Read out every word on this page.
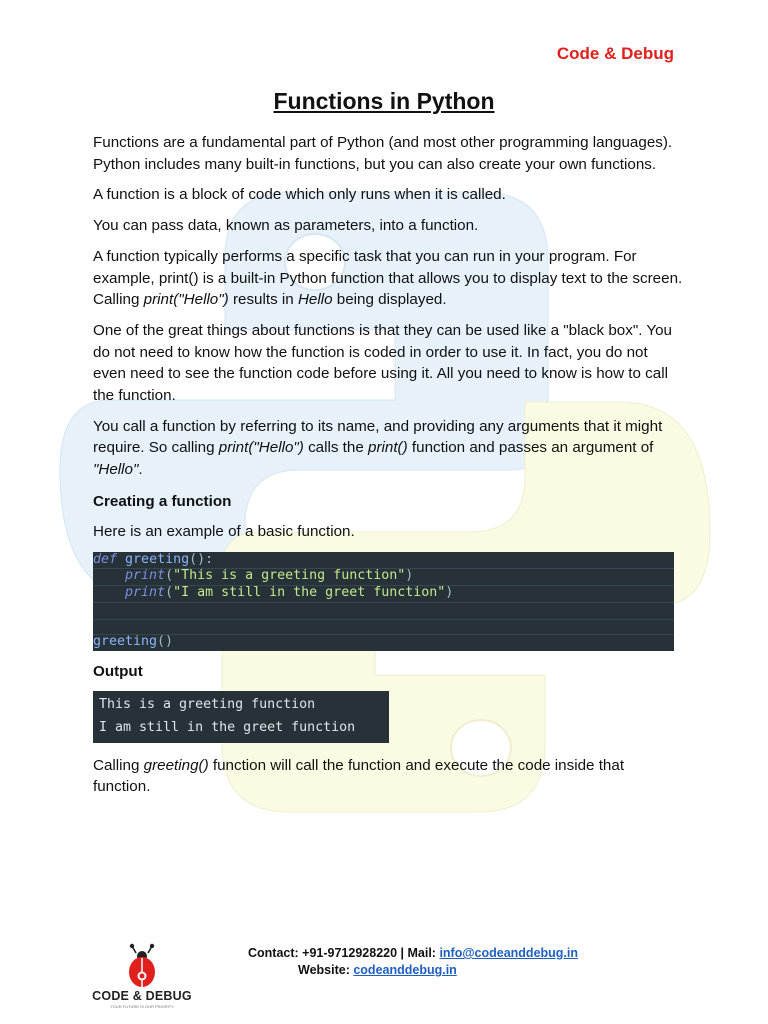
Code & Debug
Functions in Python

Functions are a fundamental part of Python (and most other programming languages). Python includes many built-in functions, but you can also create your own functions.

A function is a block of code which only runs when it is called.

You can pass data, known as parameters, into a function.

A function typically performs a specific task that you can run in your program. For example, print() is a built-in Python function that allows you to display text to the screen. Calling print("Hello") results in Hello being displayed.

One of the great things about functions is that they can be used like a "black box". You do not need to know how the function is coded in order to use it. In fact, you do not even need to see the function code before using it. All you need to know is how to call the function.

You call a function by referring to its name, and providing any arguments that it might require. So calling print("Hello") calls the print() function and passes an argument of "Hello".

Creating a function

Here is an example of a basic function.

def greeting():
print("This is a greeting function")
print("I am still in the greet function")
greeting()
Output
This is a greeting function
I am still in the greet function

Calling greeting() function will call the function and execute the code inside that function.

CODE & DEBUG
YOUR FUTURE IS OUR PRIORITY
Contact: +91-9712928220 | Mail: info@codeanddebug.in
Website: codeanddebug.in
